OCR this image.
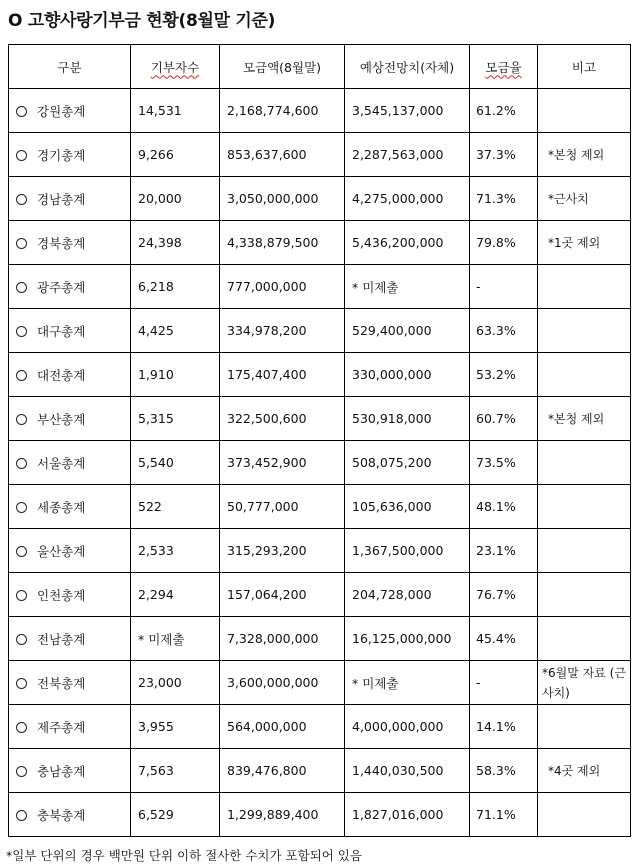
O 고향사랑기부금 현황(8월말 기준)
구분	기부자수	모금액(8월말)	예상전망치(자체)	모금율	비고
강원총계	14,531	2,168,774,600	3,545,137,000	61.2%	
경기총계	9,266	853,637,600	2,287,563,000	37.3%	*본청 제외
경남총계	20,000	3,050,000,000	4,275,000,000	71.3%	*근사치
경북총계	24,398	4,338,879,500	5,436,200,000	79.8%	*1곳 제외
광주총계	6,218	777,000,000	* 미제출	-	
대구총계	4,425	334,978,200	529,400,000	63.3%	
대전총계	1,910	175,407,400	330,000,000	53.2%	
부산총계	5,315	322,500,600	530,918,000	60.7%	*본청 제외
서울총계	5,540	373,452,900	508,075,200	73.5%	
세종총계	522	50,777,000	105,636,000	48.1%	
울산총계	2,533	315,293,200	1,367,500,000	23.1%	
인천총계	2,294	157,064,200	204,728,000	76.7%	
전남총계	* 미제출	7,328,000,000	16,125,000,000	45.4%	
전북총계	23,000	3,600,000,000	* 미제출	-	*6월말 자료 (근사치)
제주총계	3,955	564,000,000	4,000,000,000	14.1%	
충남총계	7,563	839,476,800	1,440,030,500	58.3%	*4곳 제외
충북총계	6,529	1,299,889,400	1,827,016,000	71.1%	
*일부 단위의 경우 백만원 단위 이하 절사한 수치가 포함되어 있음
